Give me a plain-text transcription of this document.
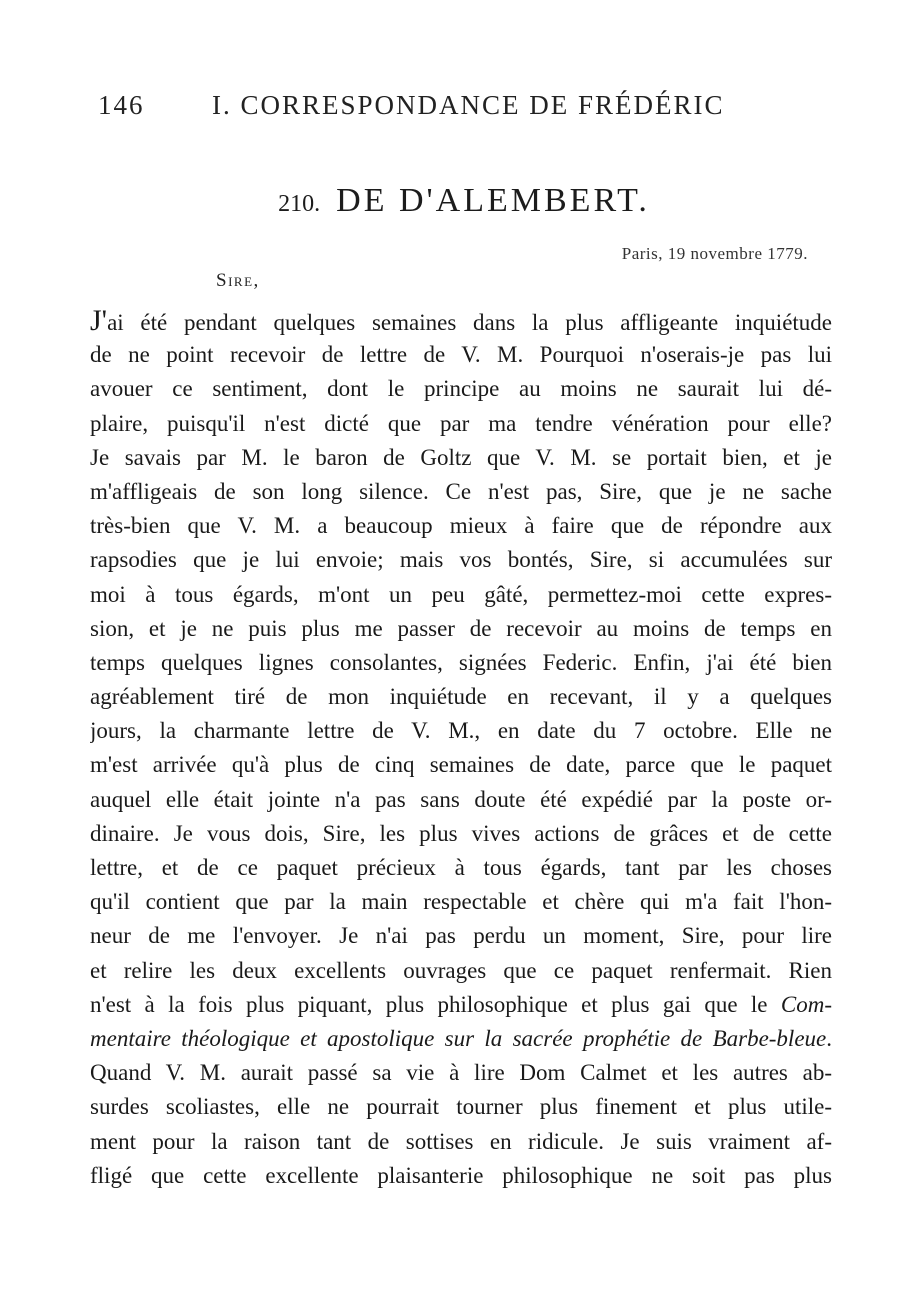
146	I. CORRESPONDANCE DE FRÉDÉRIC
210. DE D'ALEMBERT.
Paris, 19 novembre 1779.
Sire,
J'ai été pendant quelques semaines dans la plus affligeante inquiétude
de ne point recevoir de lettre de V. M. Pourquoi n'oserais-je pas lui
avouer ce sentiment, dont le principe au moins ne saurait lui dé-
plaire, puisqu'il n'est dicté que par ma tendre vénération pour elle?
Je savais par M. le baron de Goltz que V. M. se portait bien, et je
m'affligeais de son long silence. Ce n'est pas, Sire, que je ne sache
très-bien que V. M. a beaucoup mieux à faire que de répondre aux
rapsodies que je lui envoie; mais vos bontés, Sire, si accumulées sur
moi à tous égards, m'ont un peu gâté, permettez-moi cette expres-
sion, et je ne puis plus me passer de recevoir au moins de temps en
temps quelques lignes consolantes, signées Federic. Enfin, j'ai été bien
agréablement tiré de mon inquiétude en recevant, il y a quelques
jours, la charmante lettre de V. M., en date du 7 octobre. Elle ne
m'est arrivée qu'à plus de cinq semaines de date, parce que le paquet
auquel elle était jointe n'a pas sans doute été expédié par la poste or-
dinaire. Je vous dois, Sire, les plus vives actions de grâces et de cette
lettre, et de ce paquet précieux à tous égards, tant par les choses
qu'il contient que par la main respectable et chère qui m'a fait l'hon-
neur de me l'envoyer. Je n'ai pas perdu un moment, Sire, pour lire
et relire les deux excellents ouvrages que ce paquet renfermait. Rien
n'est à la fois plus piquant, plus philosophique et plus gai que le Com-
mentaire théologique et apostolique sur la sacrée prophétie de Barbe-bleue.
Quand V. M. aurait passé sa vie à lire Dom Calmet et les autres ab-
surdes scoliastes, elle ne pourrait tourner plus finement et plus utile-
ment pour la raison tant de sottises en ridicule. Je suis vraiment af-
fligé que cette excellente plaisanterie philosophique ne soit pas plus
